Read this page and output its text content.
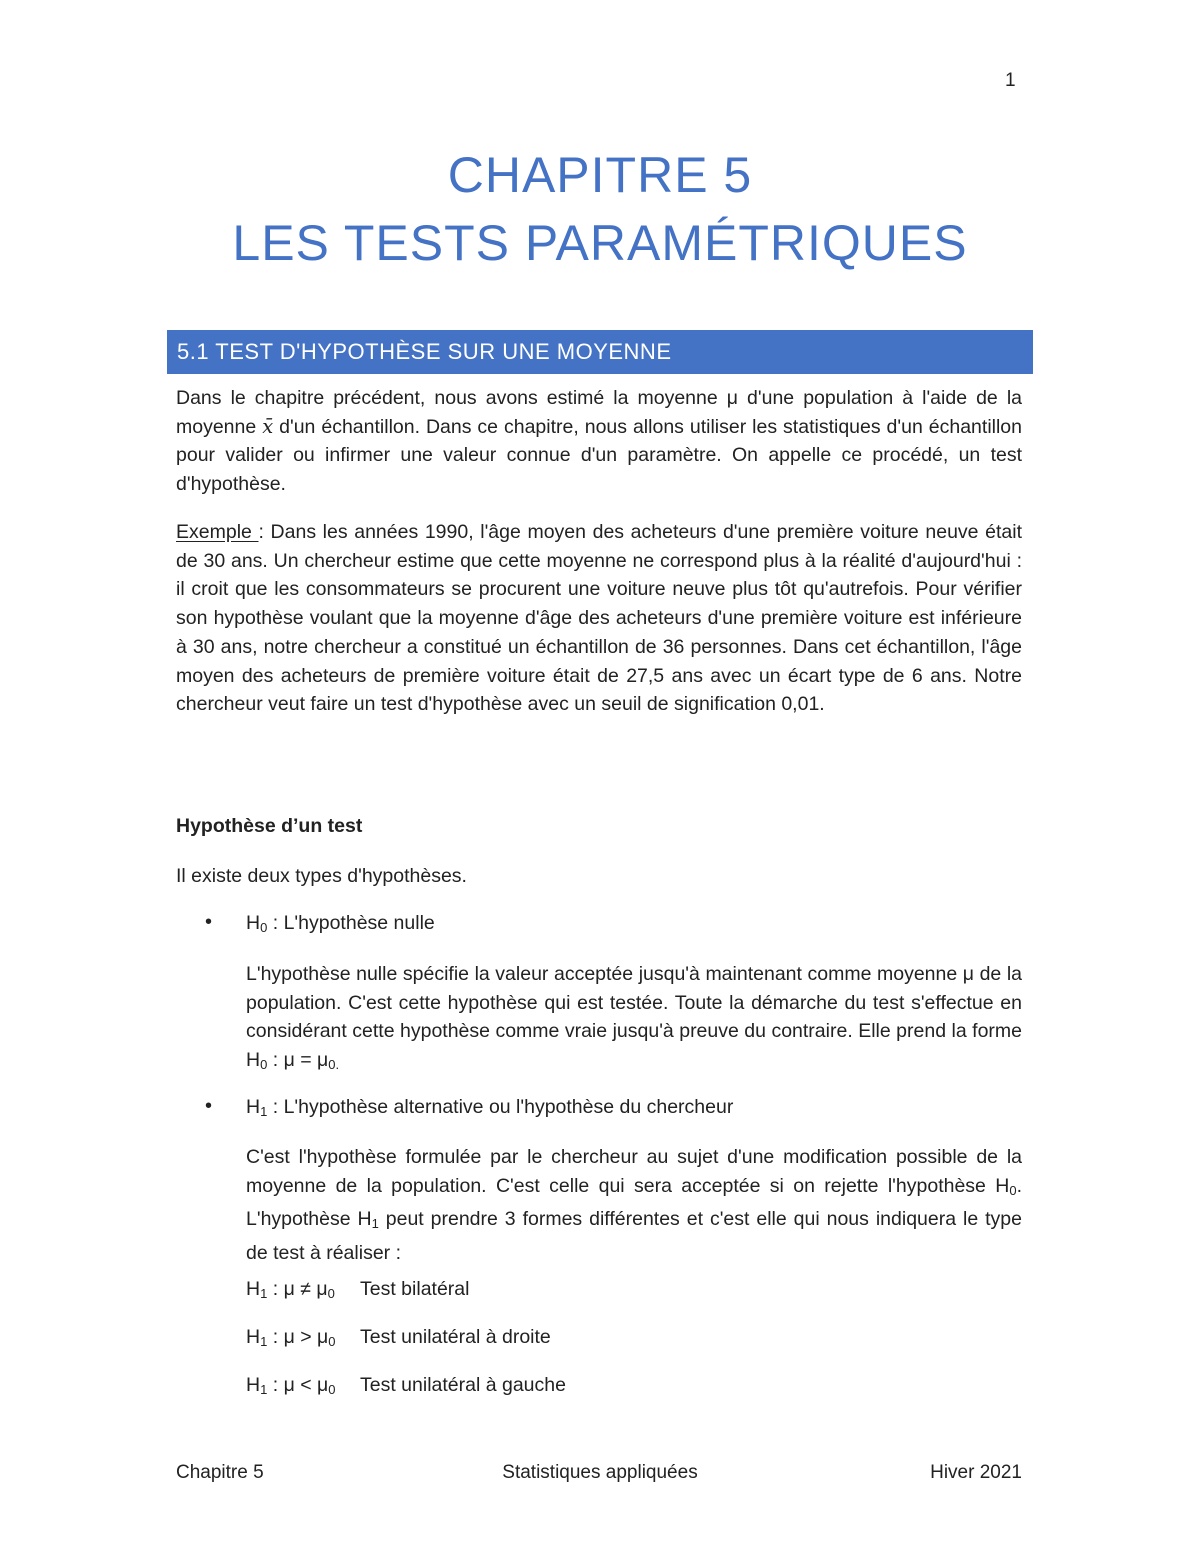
1
CHAPITRE 5
LES TESTS PARAMÉTRIQUES
5.1 TEST D'HYPOTHÈSE SUR UNE MOYENNE

Dans le chapitre précédent, nous avons estimé la moyenne μ d'une population à l'aide de la moyenne x̄ d'un échantillon. Dans ce chapitre, nous allons utiliser les statistiques d'un échantillon pour valider ou infirmer une valeur connue d'un paramètre. On appelle ce procédé, un test d'hypothèse.

Exemple : Dans les années 1990, l'âge moyen des acheteurs d'une première voiture neuve était de 30 ans. Un chercheur estime que cette moyenne ne correspond plus à la réalité d'aujourd'hui : il croit que les consommateurs se procurent une voiture neuve plus tôt qu'autrefois. Pour vérifier son hypothèse voulant que la moyenne d'âge des acheteurs d'une première voiture est inférieure à 30 ans, notre chercheur a constitué un échantillon de 36 personnes. Dans cet échantillon, l'âge moyen des acheteurs de première voiture était de 27,5 ans avec un écart type de 6 ans. Notre chercheur veut faire un test d'hypothèse avec un seuil de signification 0,01.

Hypothèse d’un test

Il existe deux types d'hypothèses.

• $H_0$ : L'hypothèse nulle

L'hypothèse nulle spécifie la valeur acceptée jusqu'à maintenant comme moyenne μ de la population. C'est cette hypothèse qui est testée. Toute la démarche du test s'effectue en considérant cette hypothèse comme vraie jusqu'à preuve du contraire. Elle prend la forme $H_0$ : $\mu = \mu_{0.}$

• $H_1$ : L'hypothèse alternative ou l'hypothèse du chercheur

C'est l'hypothèse formulée par le chercheur au sujet d'une modification possible de la moyenne de la population. C'est celle qui sera acceptée si on rejette l'hypothèse $H_0$. L'hypothèse $H_1$ peut prendre 3 formes différentes et c'est elle qui nous indiquera le type de test à réaliser :

$H_1$ : $\mu \ne \mu_0$ Test bilatéral
$H_1$ : $\mu > \mu_0$ Test unilatéral à droite
$H_1$ : $\mu < \mu_0$ Test unilatéral à gauche
Chapitre 5	Statistiques appliquées	Hiver 2021
